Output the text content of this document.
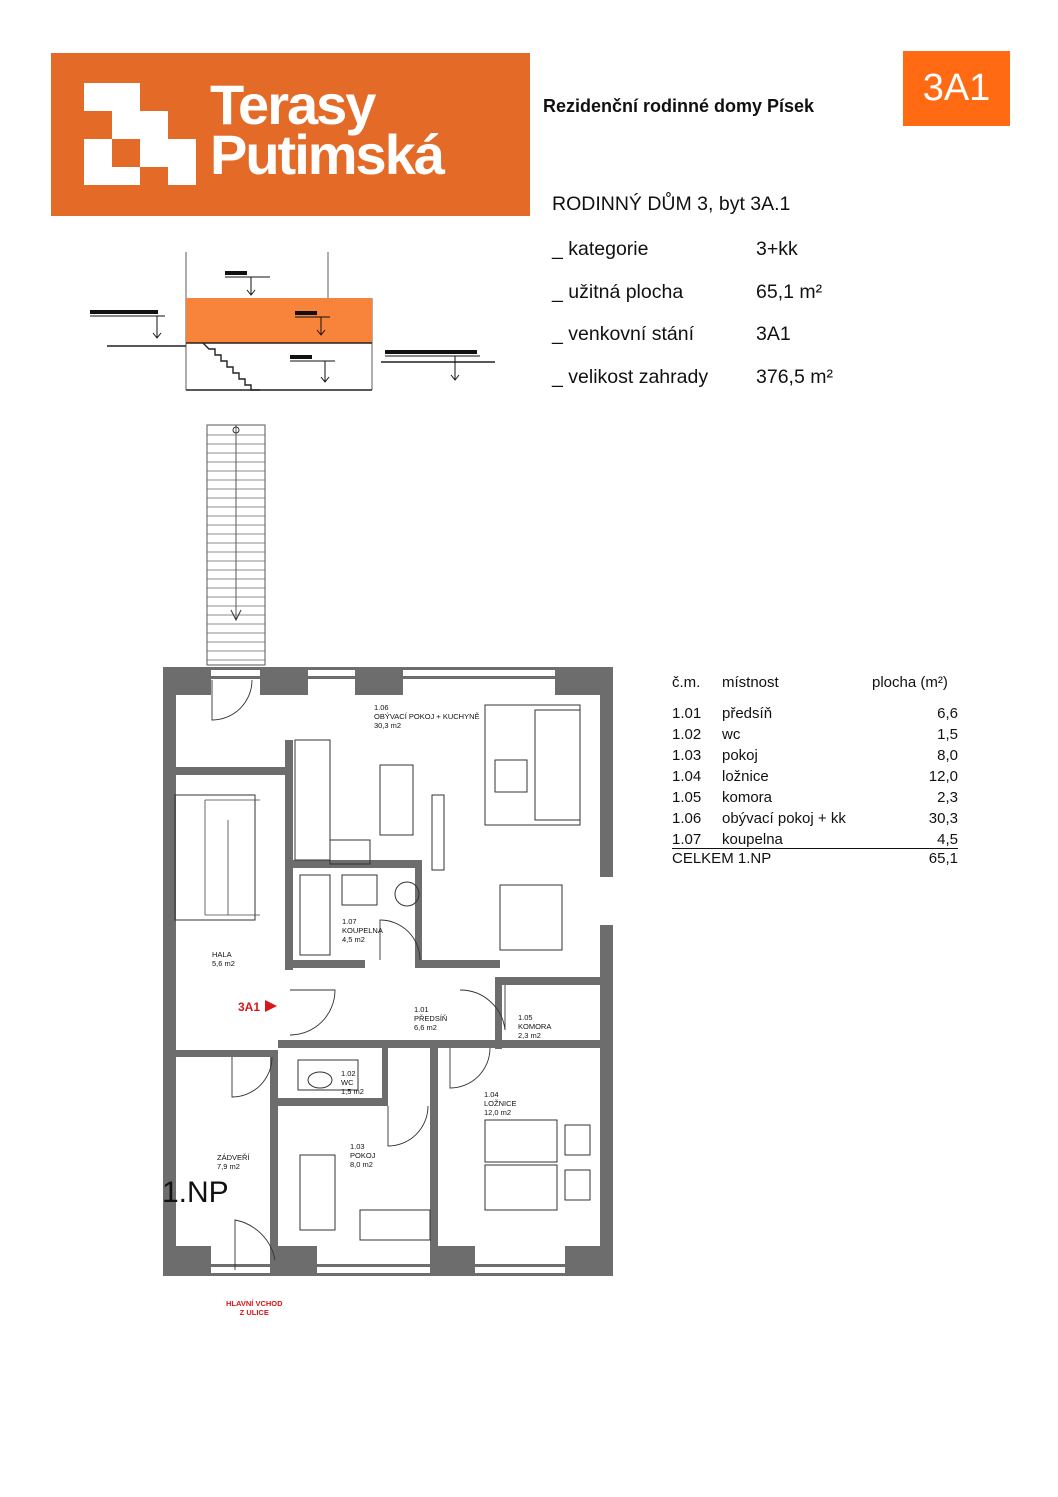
Terasy
Putimská
Rezidenční rodinné domy Písek	3A1
RODINNÝ DŮM 3, byt 3A.1
_ kategorie	3+kk
_ užitná plocha	65,1 m²
_ venkovní stání	3A1
_ velikost zahrady 376,5 m²
1.06
OBÝVACÍ POKOJ + KUCHYNĚ
30,3 m2
1.07
KOUPELNA
4,5 m2
HALA
5,6 m2
1.01
PŘEDSÍŇ
6,6 m2
1.05
KOMORA
2,3 m2
1.02
WC
1,5 m2	1.04
LOŽNICE
12,0 m2
1.03
POKOJ
8,0 m2
ZÁDVEŘÍ
7,9 m2
1.NP
3A1
HLAVNÍ VCHOD
Z ULICE
č.m. místnost	plocha (m²)
1.01 předsíň	6,6
1.02 wc	1,5
1.03 pokoj	8,0
1.04 ložnice	12,0
1.05 komora	2,3
1.06 obývací pokoj + kk	30,3
1.07 koupelna	4,5
CELKEM 1.NP	65,1
